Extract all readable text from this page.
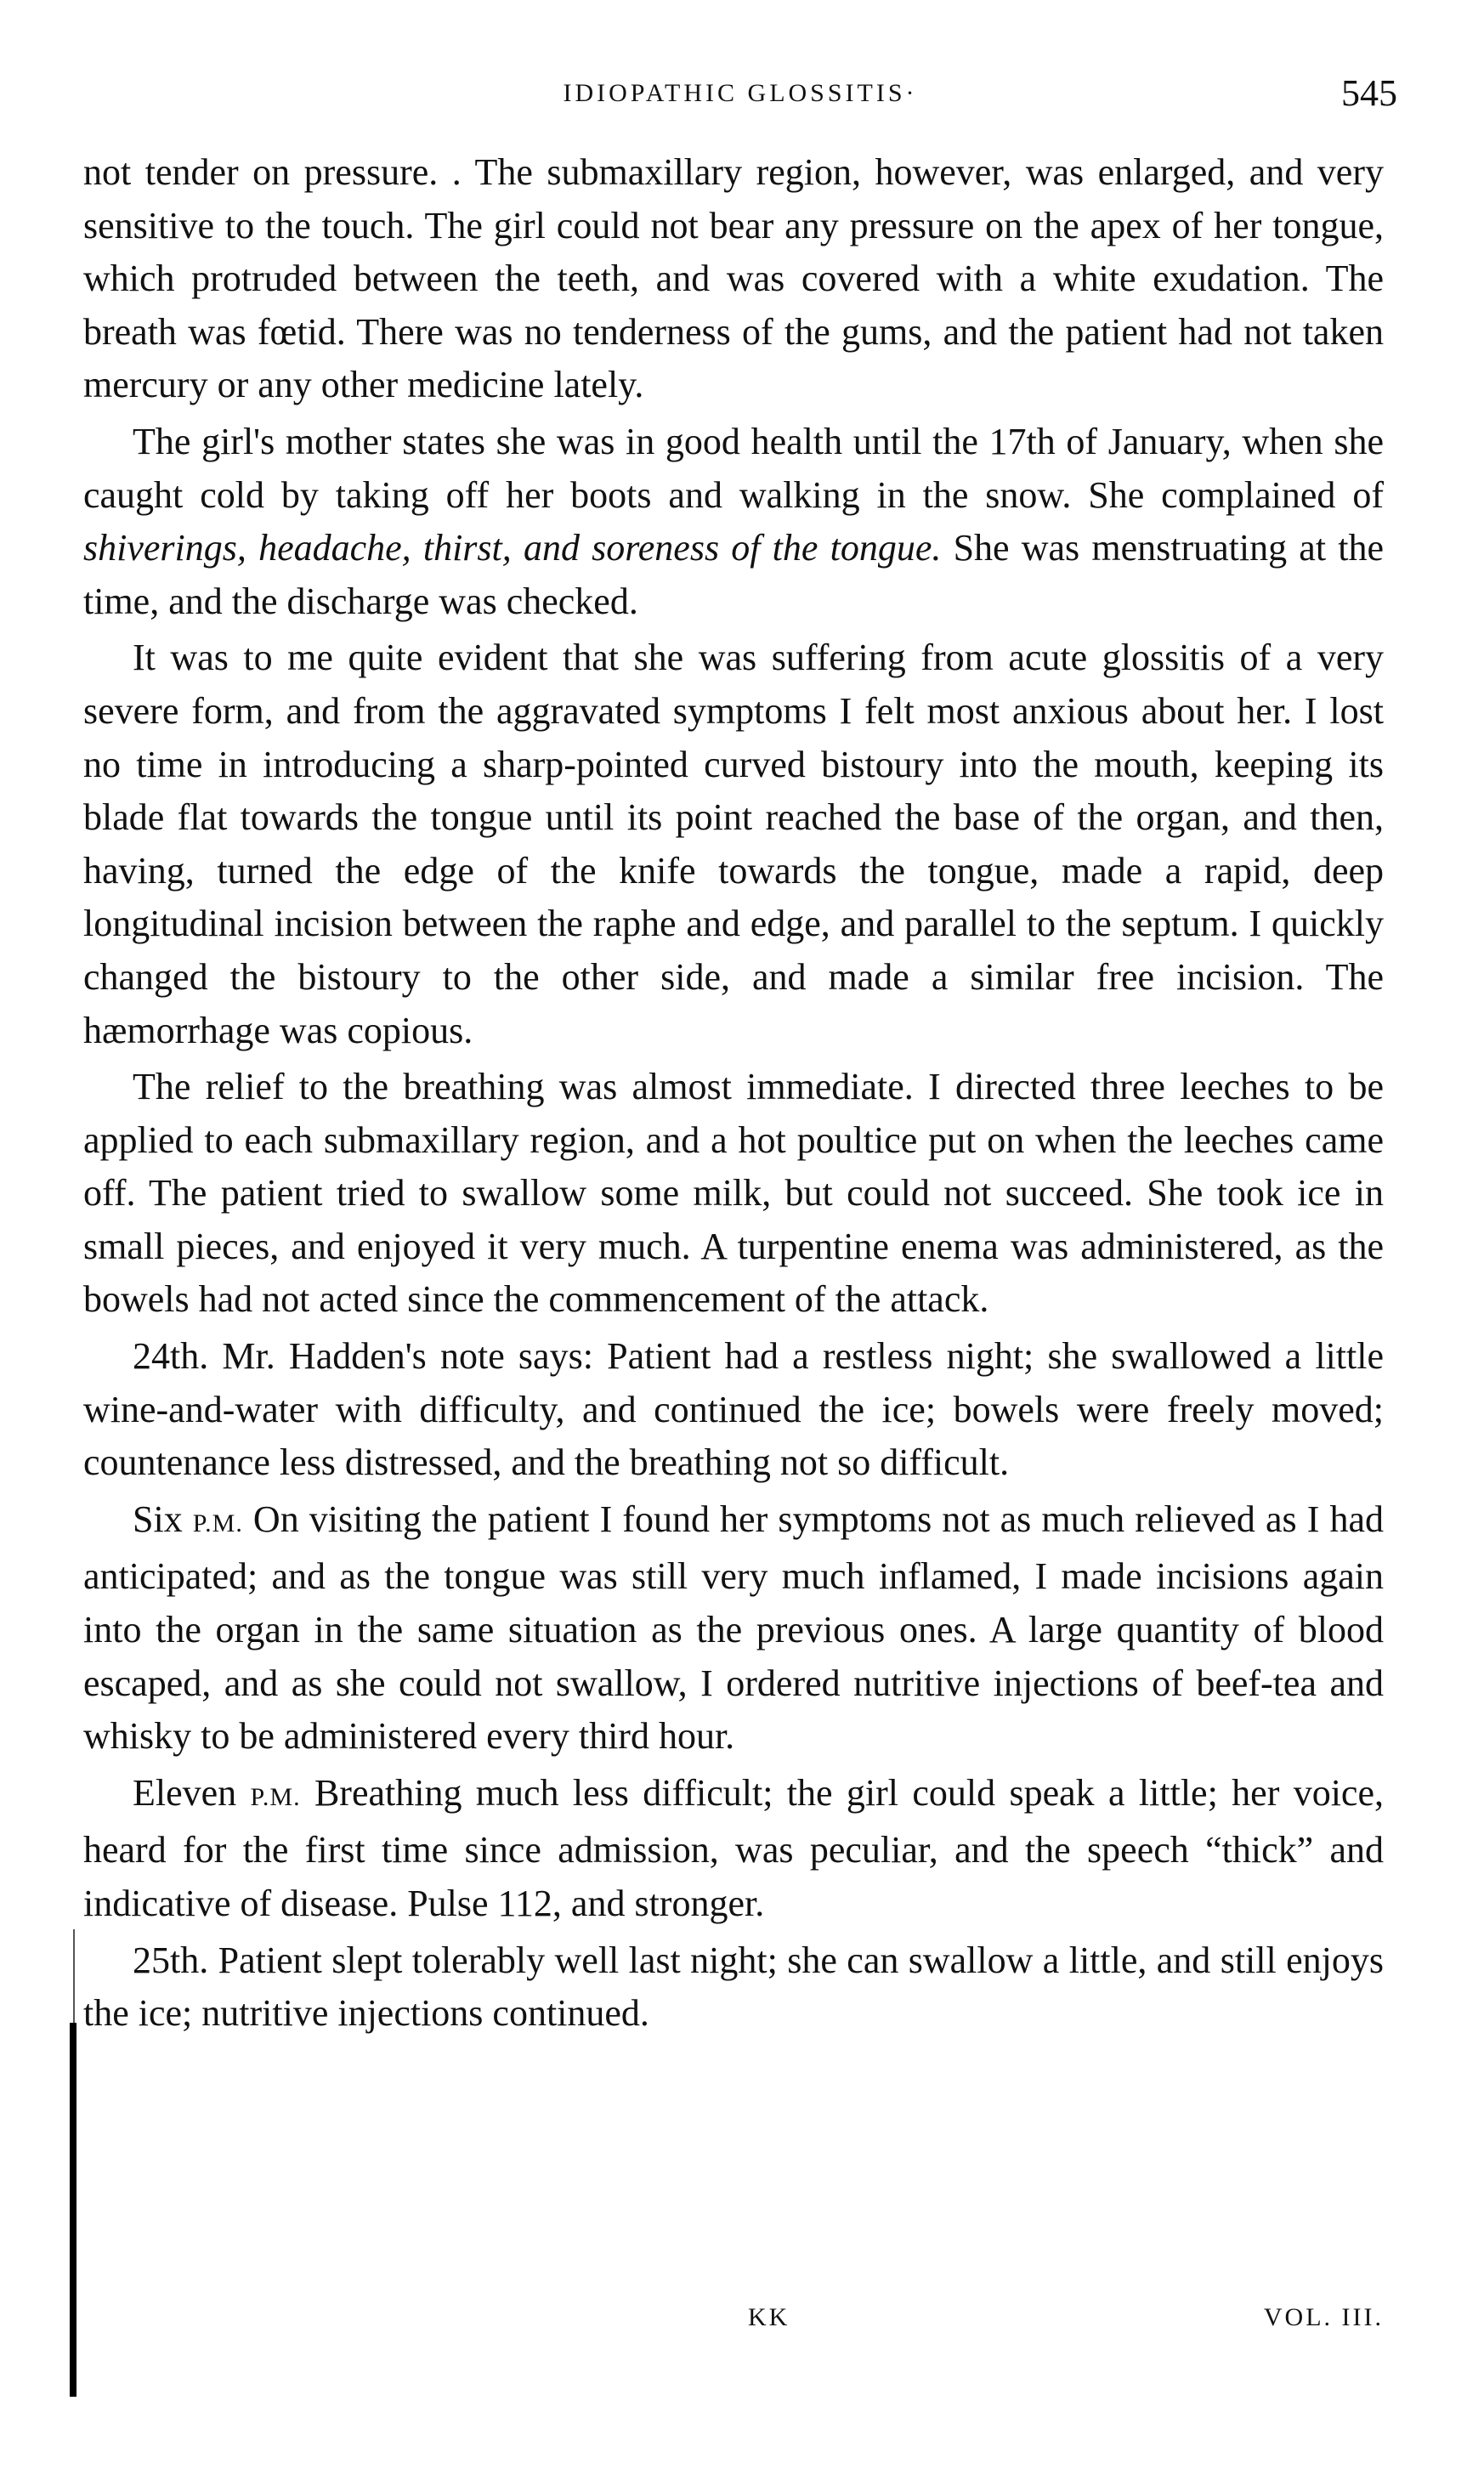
IDIOPATHIC GLOSSITIS·	545

not tender on pressure. . The submaxillary region, however, was enlarged, and very sensitive to the touch. The girl could not bear any pressure on the apex of her tongue, which protruded between the teeth, and was covered with a white exudation. The breath was fœtid. There was no tenderness of the gums, and the patient had not taken mercury or any other medicine lately.

The girl's mother states she was in good health until the 17th of January, when she caught cold by taking off her boots and walking in the snow. She complained of shiverings, headache, thirst, and soreness of the tongue. She was menstruating at the time, and the discharge was checked.

It was to me quite evident that she was suffering from acute glossitis of a very severe form, and from the aggravated symptoms I felt most anxious about her. I lost no time in introducing a sharp-pointed curved bistoury into the mouth, keeping its blade flat towards the tongue until its point reached the base of the organ, and then, having, turned the edge of the knife towards the tongue, made a rapid, deep longitudinal incision between the raphe and edge, and parallel to the septum. I quickly changed the bistoury to the other side, and made a similar free incision. The hæmorrhage was copious.

The relief to the breathing was almost immediate. I directed three leeches to be applied to each submaxillary region, and a hot poultice put on when the leeches came off. The patient tried to swallow some milk, but could not succeed. She took ice in small pieces, and enjoyed it very much. A turpentine enema was administered, as the bowels had not acted since the commencement of the attack.

24th. Mr. Hadden's note says: Patient had a restless night; she swallowed a little wine-and-water with difficulty, and continued the ice; bowels were freely moved; countenance less distressed, and the breathing not so difficult.

Six P.M. On visiting the patient I found her symptoms not as much relieved as I had anticipated; and as the tongue was still very much inflamed, I made incisions again into the organ in the same situation as the previous ones. A large quantity of blood escaped, and as she could not swallow, I ordered nutritive injections of beef-tea and whisky to be administered every third hour.

Eleven P.M. Breathing much less difficult; the girl could speak a little; her voice, heard for the first time since admission, was peculiar, and the speech “thick” and indicative of disease. Pulse 112, and stronger.

25th. Patient slept tolerably well last night; she can swallow a little, and still enjoys the ice; nutritive injections continued.

KK	VOL. III.
